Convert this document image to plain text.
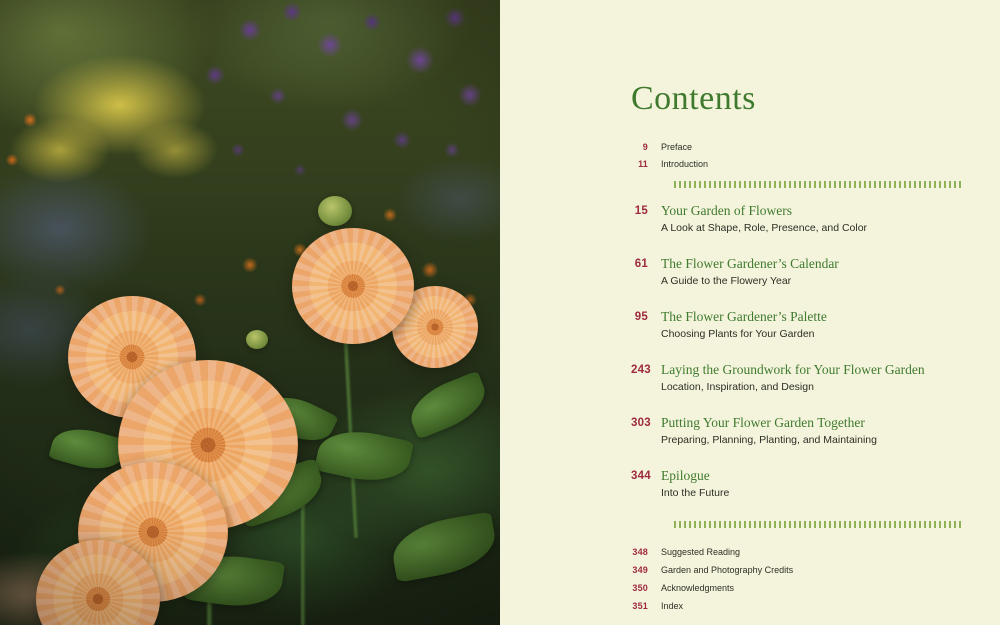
Contents
9	Preface
11	Introduction
15 Your Garden of Flowers
A Look at Shape, Role, Presence, and Color
61 The Flower Gardener’s Calendar
A Guide to the Flowery Year
95 The Flower Gardener’s Palette
Choosing Plants for Your Garden
243 Laying the Groundwork for Your Flower Garden
Location, Inspiration, and Design
303 Putting Your Flower Garden Together
Preparing, Planning, Planting, and Maintaining
344 Epilogue
Into the Future
348	Suggested Reading
349	Garden and Photography Credits
350	Acknowledgments
351	Index
